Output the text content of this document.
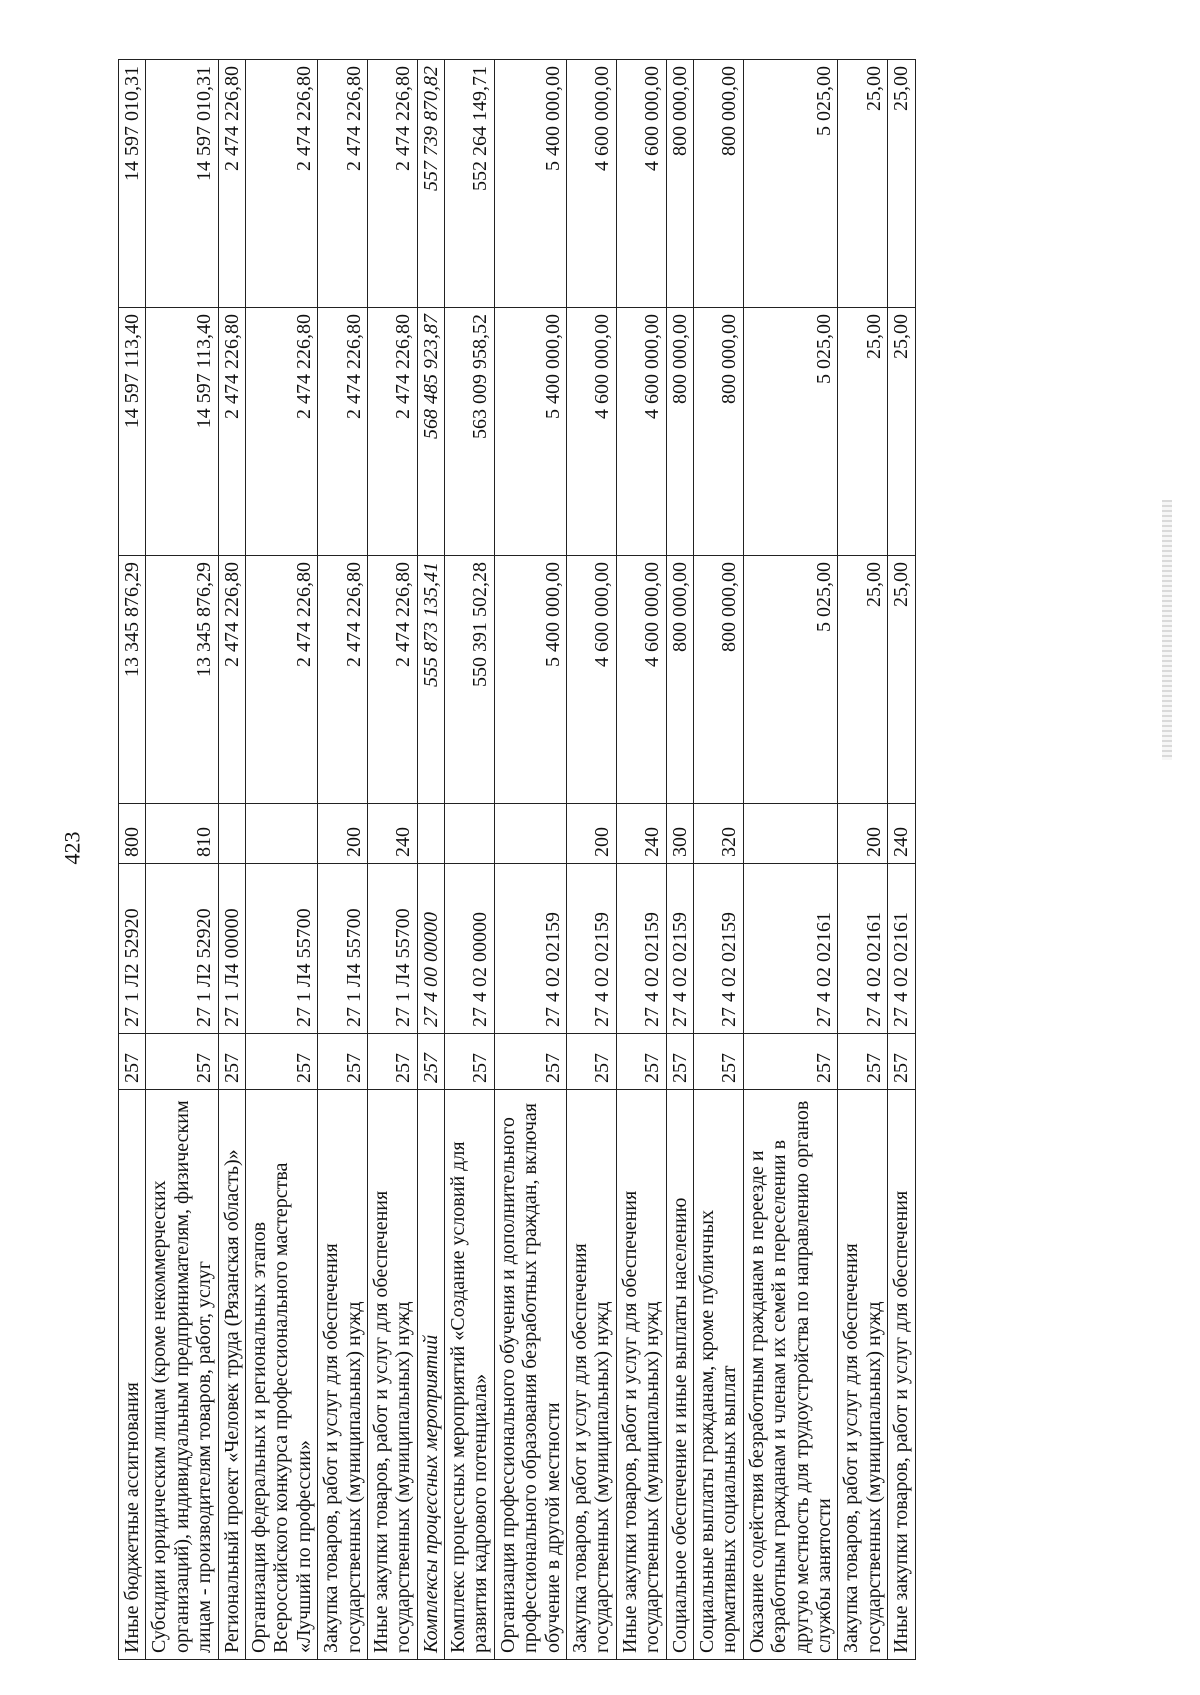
423
Иные бюджетные ассигнования	257	27 1 Л2 52920	800	13 345 876,29	14 597 113,40	14 597 010,31
Субсидии юридическим лицам (кроме некоммерческих организаций), индивидуальным предпринимателям, физическим лицам - производителям товаров, работ, услуг	257	27 1 Л2 52920	810	13 345 876,29	14 597 113,40	14 597 010,31
Региональный проект «Человек труда (Рязанская область)»	257	27 1 Л4 00000		2 474 226,80	2 474 226,80	2 474 226,80
Организация федеральных и региональных этапов Всероссийского конкурса профессионального мастерства «Лучший по профессии»	257	27 1 Л4 55700		2 474 226,80	2 474 226,80	2 474 226,80
Закупка товаров, работ и услуг для обеспечения государственных (муниципальных) нужд	257	27 1 Л4 55700	200	2 474 226,80	2 474 226,80	2 474 226,80
Иные закупки товаров, работ и услуг для обеспечения государственных (муниципальных) нужд	257	27 1 Л4 55700	240	2 474 226,80	2 474 226,80	2 474 226,80
Комплексы процессных мероприятий	257	27 4 00 00000		555 873 135,41	568 485 923,87	557 739 870,82
Комплекс процессных мероприятий «Создание условий для развития кадрового потенциала»	257	27 4 02 00000		550 391 502,28	563 009 958,52	552 264 149,71
Организация профессионального обучения и дополнительного профессионального образования безработных граждан, включая обучение в другой местности	257	27 4 02 02159		5 400 000,00	5 400 000,00	5 400 000,00
Закупка товаров, работ и услуг для обеспечения государственных (муниципальных) нужд	257	27 4 02 02159	200	4 600 000,00	4 600 000,00	4 600 000,00
Иные закупки товаров, работ и услуг для обеспечения государственных (муниципальных) нужд	257	27 4 02 02159	240	4 600 000,00	4 600 000,00	4 600 000,00
Социальное обеспечение и иные выплаты населению	257	27 4 02 02159	300	800 000,00	800 000,00	800 000,00
Социальные выплаты гражданам, кроме публичных нормативных социальных выплат	257	27 4 02 02159	320	800 000,00	800 000,00	800 000,00
Оказание содействия безработным гражданам в переезде и безработным гражданам и членам их семей в переселении в другую местность для трудоустройства по направлению органов службы занятости	257	27 4 02 02161		5 025,00	5 025,00	5 025,00
Закупка товаров, работ и услуг для обеспечения государственных (муниципальных) нужд	257	27 4 02 02161	200	25,00	25,00	25,00
Иные закупки товаров, работ и услуг для обеспечения	257	27 4 02 02161	240	25,00	25,00	25,00
